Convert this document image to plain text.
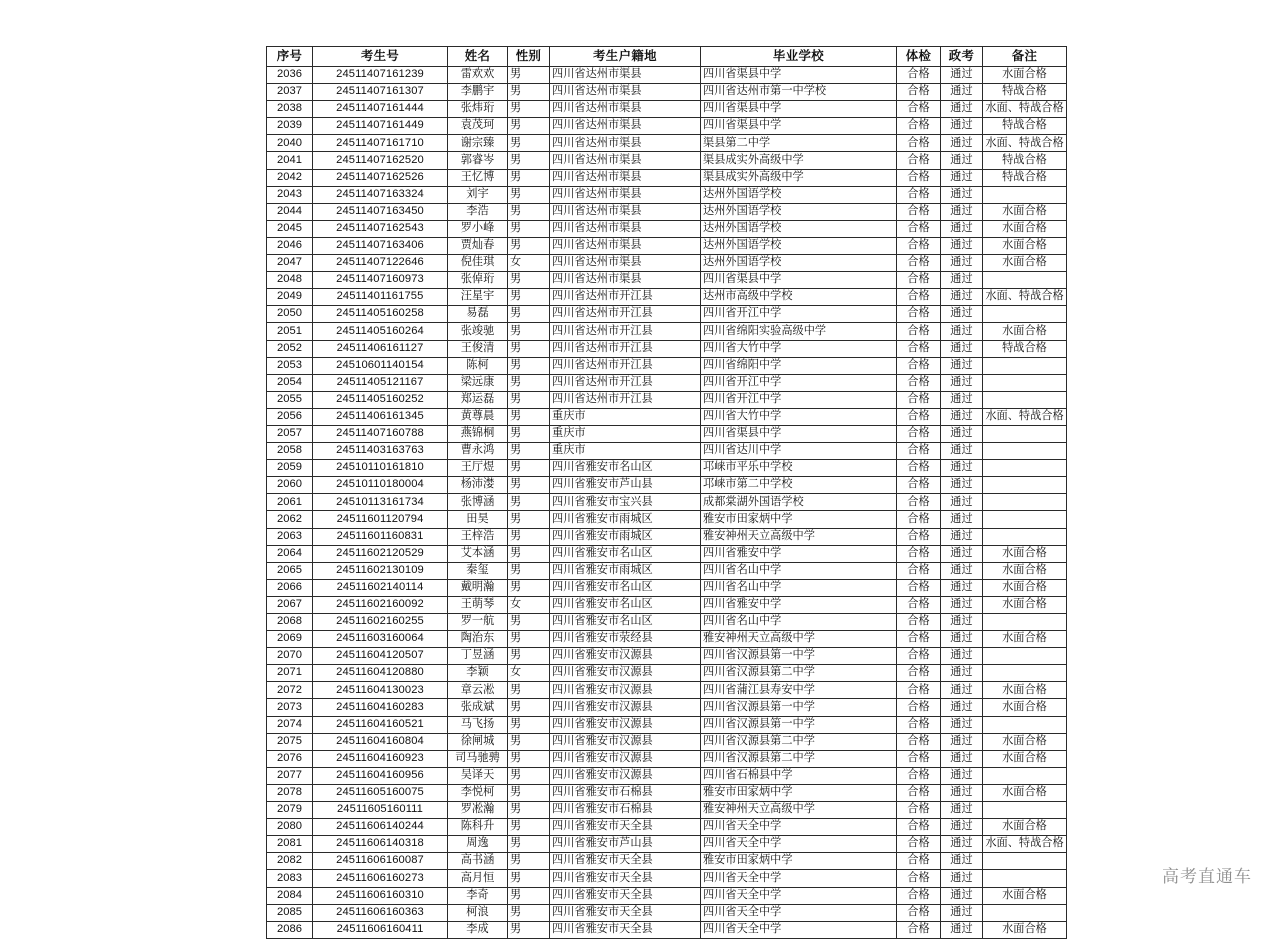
序号	考生号	姓名	性别	考生户籍地	毕业学校	体检	政考	备注
2036	24511407161239	雷欢欢	男	四川省达州市渠县	四川省渠县中学	合格	通过	水面合格
2037	24511407161307	李鹏宇	男	四川省达州市渠县	四川省达州市第一中学校	合格	通过	特战合格
2038	24511407161444	张炜珩	男	四川省达州市渠县	四川省渠县中学	合格	通过	水面、特战合格
2039	24511407161449	袁茂珂	男	四川省达州市渠县	四川省渠县中学	合格	通过	特战合格
2040	24511407161710	谢宗臻	男	四川省达州市渠县	渠县第二中学	合格	通过	水面、特战合格
2041	24511407162520	郭睿岑	男	四川省达州市渠县	渠县成实外高级中学	合格	通过	特战合格
2042	24511407162526	王忆博	男	四川省达州市渠县	渠县成实外高级中学	合格	通过	特战合格
2043	24511407163324	刘宇	男	四川省达州市渠县	达州外国语学校	合格	通过	
2044	24511407163450	李浩	男	四川省达州市渠县	达州外国语学校	合格	通过	水面合格
2045	24511407162543	罗小峰	男	四川省达州市渠县	达州外国语学校	合格	通过	水面合格
2046	24511407163406	贾灿春	男	四川省达州市渠县	达州外国语学校	合格	通过	水面合格
2047	24511407122646	倪佳琪	女	四川省达州市渠县	达州外国语学校	合格	通过	水面合格
2048	24511407160973	张倬珩	男	四川省达州市渠县	四川省渠县中学	合格	通过	
2049	24511401161755	汪星宇	男	四川省达州市开江县	达州市高级中学校	合格	通过	水面、特战合格
2050	24511405160258	易磊	男	四川省达州市开江县	四川省开江中学	合格	通过	
2051	24511405160264	张竣驰	男	四川省达州市开江县	四川省绵阳实验高级中学	合格	通过	水面合格
2052	24511406161127	王俊清	男	四川省达州市开江县	四川省大竹中学	合格	通过	特战合格
2053	24510601140154	陈柯	男	四川省达州市开江县	四川省绵阳中学	合格	通过	
2054	24511405121167	梁远康	男	四川省达州市开江县	四川省开江中学	合格	通过	
2055	24511405160252	郑运磊	男	四川省达州市开江县	四川省开江中学	合格	通过	
2056	24511406161345	黄尊晨	男	重庆市	四川省大竹中学	合格	通过	水面、特战合格
2057	24511407160788	燕锦桐	男	重庆市	四川省渠县中学	合格	通过	
2058	24511403163763	曹永鸿	男	重庆市	四川省达川中学	合格	通过	
2059	24510110161810	王厅煜	男	四川省雅安市名山区	邛崃市平乐中学校	合格	通过	
2060	24510110180004	杨沛漤	男	四川省雅安市芦山县	邛崃市第二中学校	合格	通过	
2061	24510113161734	张博涵	男	四川省雅安市宝兴县	成都棠湖外国语学校	合格	通过	
2062	24511601120794	田昊	男	四川省雅安市雨城区	雅安市田家炳中学	合格	通过	
2063	24511601160831	王梓浩	男	四川省雅安市雨城区	雅安神州天立高级中学	合格	通过	
2064	24511602120529	艾本涵	男	四川省雅安市名山区	四川省雅安中学	合格	通过	水面合格
2065	24511602130109	秦玺	男	四川省雅安市雨城区	四川省名山中学	合格	通过	水面合格
2066	24511602140114	戴明瀚	男	四川省雅安市名山区	四川省名山中学	合格	通过	水面合格
2067	24511602160092	王萌琴	女	四川省雅安市名山区	四川省雅安中学	合格	通过	水面合格
2068	24511602160255	罗一航	男	四川省雅安市名山区	四川省名山中学	合格	通过	
2069	24511603160064	陶治东	男	四川省雅安市荥经县	雅安神州天立高级中学	合格	通过	水面合格
2070	24511604120507	丁昱涵	男	四川省雅安市汉源县	四川省汉源县第一中学	合格	通过	
2071	24511604120880	李颖	女	四川省雅安市汉源县	四川省汉源县第二中学	合格	通过	
2072	24511604130023	章云凇	男	四川省雅安市汉源县	四川省蒲江县寿安中学	合格	通过	水面合格
2073	24511604160283	张成斌	男	四川省雅安市汉源县	四川省汉源县第一中学	合格	通过	水面合格
2074	24511604160521	马飞扬	男	四川省雅安市汉源县	四川省汉源县第一中学	合格	通过	
2075	24511604160804	徐闸城	男	四川省雅安市汉源县	四川省汉源县第二中学	合格	通过	水面合格
2076	24511604160923	司马驰骋	男	四川省雅安市汉源县	四川省汉源县第二中学	合格	通过	水面合格
2077	24511604160956	吴译天	男	四川省雅安市汉源县	四川省石棉县中学	合格	通过	
2078	24511605160075	李悦柯	男	四川省雅安市石棉县	雅安市田家炳中学	合格	通过	水面合格
2079	24511605160111	罗凇瀚	男	四川省雅安市石棉县	雅安神州天立高级中学	合格	通过	
2080	24511606140244	陈科升	男	四川省雅安市天全县	四川省天全中学	合格	通过	水面合格
2081	24511606140318	周逸	男	四川省雅安市芦山县	四川省天全中学	合格	通过	水面、特战合格
2082	24511606160087	高书涵	男	四川省雅安市天全县	雅安市田家炳中学	合格	通过	
2083	24511606160273	高月恒	男	四川省雅安市天全县	四川省天全中学	合格	通过	
2084	24511606160310	李奇	男	四川省雅安市天全县	四川省天全中学	合格	通过	水面合格
2085	24511606160363	柯浪	男	四川省雅安市天全县	四川省天全中学	合格	通过	
2086	24511606160411	李成	男	四川省雅安市天全县	四川省天全中学	合格	通过	水面合格
高考直通车
